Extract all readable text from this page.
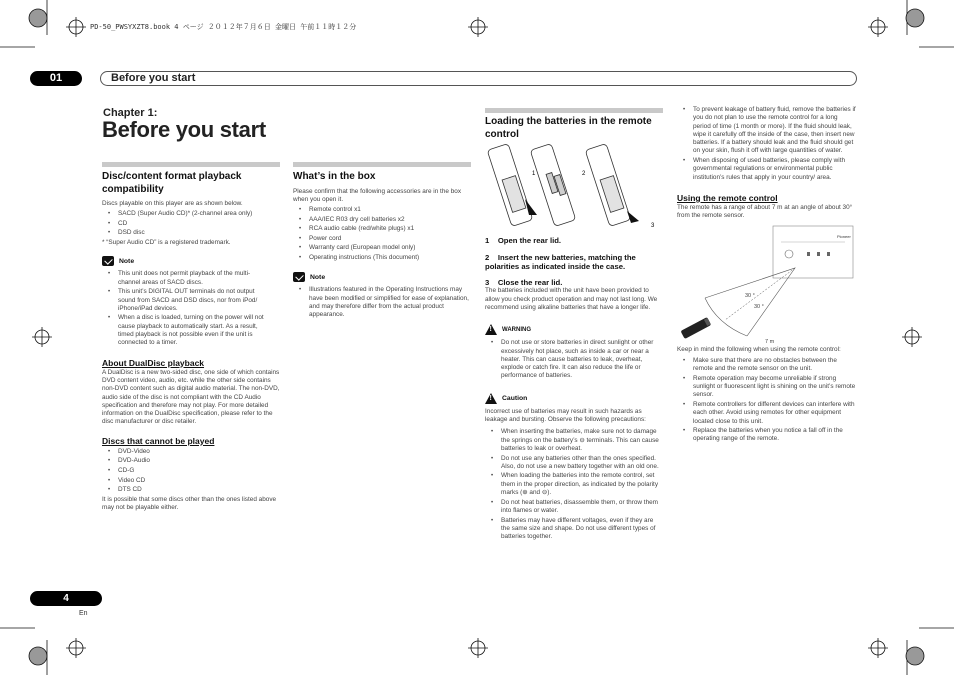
PD-50_PWSYXZT8.book 4 ページ ２０１２年７月６日 金曜日 午前１１時１２分
01	Before you start
Chapter 1:
Before you start
Disc/content format playback compatibility
Discs playable on this player are as shown below.
• SACD (Super Audio CD)* (2-channel area only)
• CD
• DSD disc
* “Super Audio CD” is a registered trademark.
Note
• This unit does not permit playback of the multi-channel areas of SACD discs.
• This unit’s DIGITAL OUT terminals do not output sound from SACD and DSD discs, nor from iPod/ iPhone/iPad devices.
• When a disc is loaded, turning on the power will not cause playback to automatically start. As a result, timed playback is not possible even if the unit is connected to a timer.
About DualDisc playback
A DualDisc is a new two-sided disc, one side of which contains DVD content video, audio, etc. while the other side contains non-DVD content such as digital audio material. The non-DVD, audio side of the disc is not compliant with the CD Audio specification and therefore may not play. For more detailed information on the DualDisc specification, please refer to the disc manufacturer or disc retailer.
Discs that cannot be played
• DVD-Video
• DVD-Audio
• CD-G
• Video CD
• DTS CD
It is possible that some discs other than the ones listed above may not be playable either.
What’s in the box
Please confirm that the following accessories are in the box when you open it.
• Remote control x1
• AAA/IEC R03 dry cell batteries x2
• RCA audio cable (red/white plugs) x1
• Power cord
• Warranty card (European model only)
• Operating instructions (This document)
Note
• Illustrations featured in the Operating Instructions may have been modified or simplified for ease of explanation, and may therefore differ from the actual product appearance.
Loading the batteries in the remote control
1	2
3
1 Open the rear lid.
2 Insert the new batteries, matching the polarities as indicated inside the case.
3 Close the rear lid.
The batteries included with the unit have been provided to allow you check product operation and may not last long. We recommend using alkaline batteries that have a longer life.
!
WARNING
• Do not use or store batteries in direct sunlight or other excessively hot place, such as inside a car or near a heater. This can cause batteries to leak, overheat, explode or catch fire. It can also reduce the life or performance of batteries.
!
Caution
Incorrect use of batteries may result in such hazards as leakage and bursting. Observe the following precautions:
• When inserting the batteries, make sure not to damage the springs on the battery’s ⊖ terminals. This can cause batteries to leak or overheat.
• Do not use any batteries other than the ones specified. Also, do not use a new battery together with an old one.
• When loading the batteries into the remote control, set them in the proper direction, as indicated by the polarity marks (⊕ and ⊖).
• Do not heat batteries, disassemble them, or throw them into flames or water.
• Batteries may have different voltages, even if they are the same size and shape. Do not use different types of batteries together.
• To prevent leakage of battery fluid, remove the batteries if you do not plan to use the remote control for a long period of time (1 month or more). If the fluid should leak, wipe it carefully off the inside of the case, then insert new batteries. If a battery should leak and the fluid should get on your skin, flush it off with large quantities of water.
• When disposing of used batteries, please comply with governmental regulations or environmental public institution’s rules that apply in your country/ area.
Using the remote control
The remote has a range of about 7 m at an angle of about 30° from the remote sensor.
Pioneer
30 °
30 °
7 m
Keep in mind the following when using the remote control:
• Make sure that there are no obstacles between the remote and the remote sensor on the unit.
• Remote operation may become unreliable if strong sunlight or fluorescent light is shining on the unit’s remote sensor.
• Remote controllers for different devices can interfere with each other. Avoid using remotes for other equipment located close to this unit.
• Replace the batteries when you notice a fall off in the operating range of the remote.
4
En
